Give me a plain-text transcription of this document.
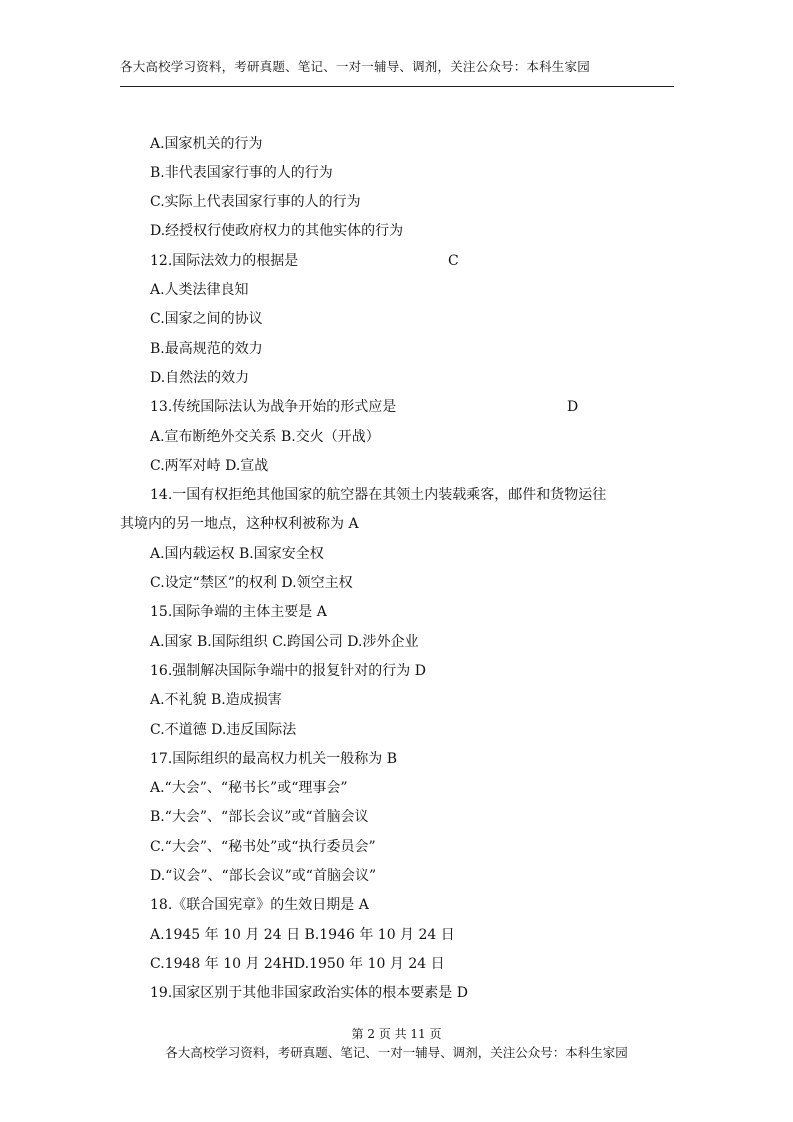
各大高校学习资料，考研真题、笔记、一对一辅导、调剂，关注公众号：本科生家园
A.国家机关的行为
B.非代表国家行事的人的行为
C.实际上代表国家行事的人的行为
D.经授权行使政府权力的其他实体的行为
12.国际法效力的根据是	C
A.人类法律良知
C.国家之间的协议
B.最高规范的效力
D.自然法的效力
13.传统国际法认为战争开始的形式应是	D
A.宣布断绝外交关系 B.交火（开战）
C.两军对峙 D.宣战
14.一国有权拒绝其他国家的航空器在其领土内装载乘客，邮件和货物运往
其境内的另一地点，这种权利被称为 A
A.国内载运权 B.国家安全权
C.设定“禁区”的权利 D.领空主权
15.国际争端的主体主要是 A
A.国家 B.国际组织 C.跨国公司 D.涉外企业
16.强制解决国际争端中的报复针对的行为 D
A.不礼貌 B.造成损害
C.不道德 D.违反国际法
17.国际组织的最高权力机关一般称为 B
A.“大会”、“秘书长”或“理事会”
B.“大会”、“部长会议”或“首脑会议
C.“大会”、“秘书处”或“执行委员会”
D.“议会”、“部长会议”或“首脑会议”
18.《联合国宪章》的生效日期是 A
A.1945 年 10 月 24 日 B.1946 年 10 月 24 日
C.1948 年 10 月 24HD.1950 年 10 月 24 日
19.国家区别于其他非国家政治实体的根本要素是 D
第 2 页 共 11 页
各大高校学习资料，考研真题、笔记、一对一辅导、调剂，关注公众号：本科生家园
